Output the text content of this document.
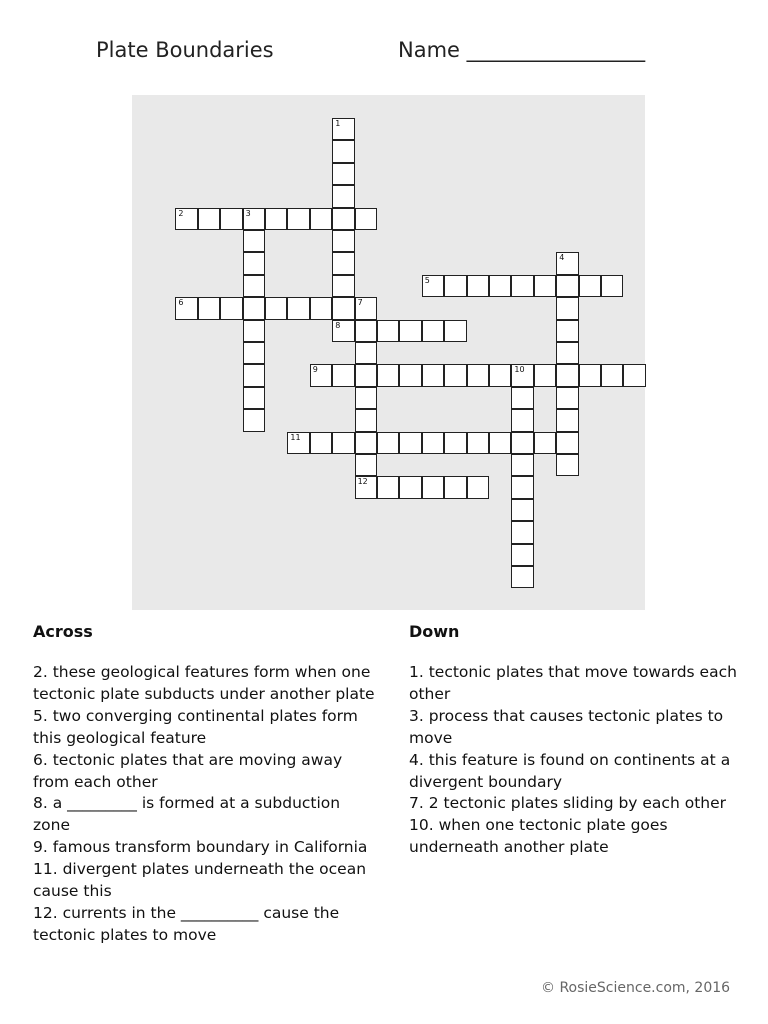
Plate Boundaries	Name _________________
1
2	3
4
5
6	7
8
9	10
11
12
Across

2. these geological features form when one tectonic plate subducts under another plate

5. two converging continental plates form this geological feature

6. tectonic plates that are moving away from each other

8. a _________ is formed at a subduction zone

9. famous transform boundary in California

11. divergent plates underneath the ocean cause this

12. currents in the __________ cause the tectonic plates to move

Down

1. tectonic plates that move towards each other

3. process that causes tectonic plates to move

4. this feature is found on continents at a divergent boundary

7. 2 tectonic plates sliding by each other

10. when one tectonic plate goes underneath another plate

© RosieScience.com, 2016
